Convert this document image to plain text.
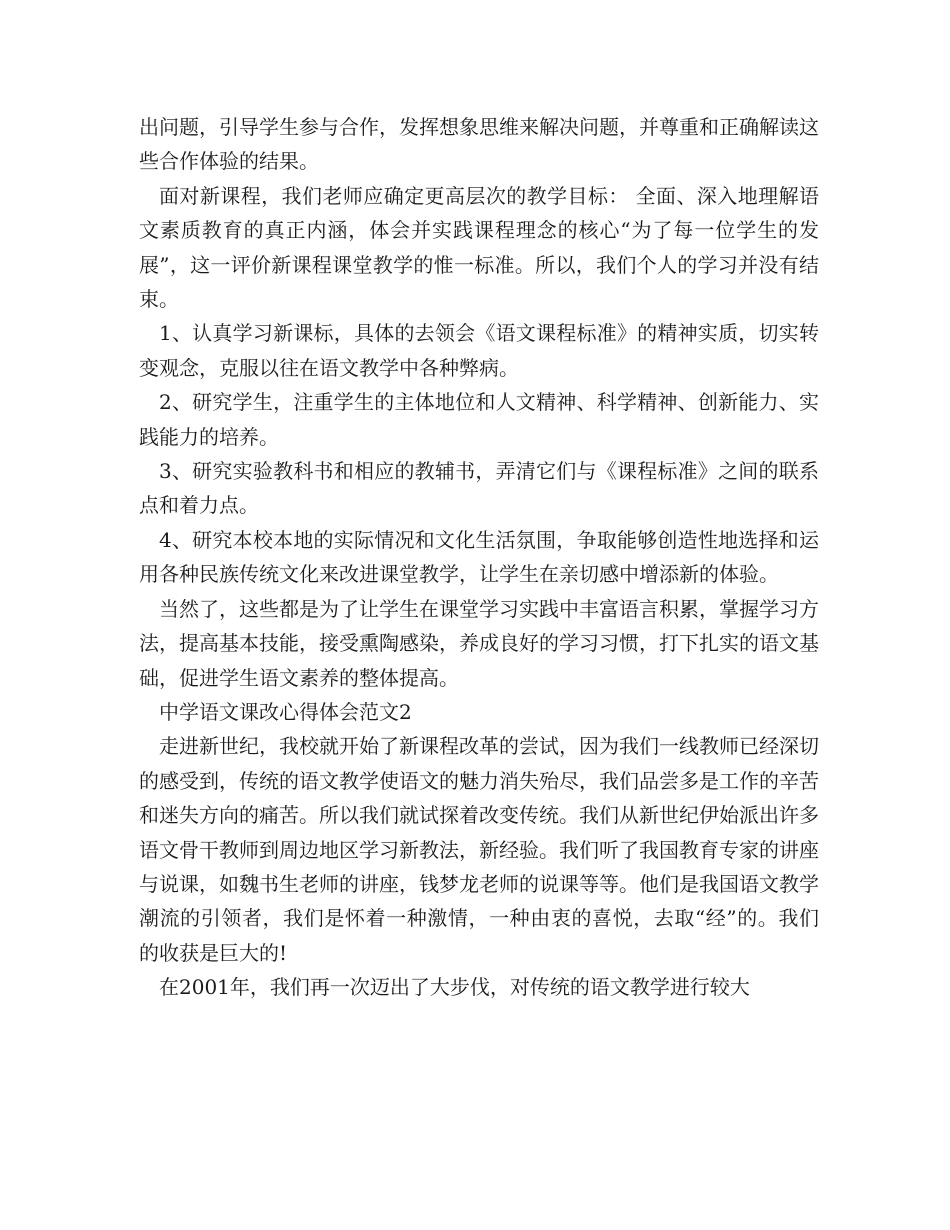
出问题，引导学生参与合作，发挥想象思维来解决问题，并尊重和正确解读这些合作体验的结果。

面对新课程，我们老师应确定更高层次的教学目标： 全面、深入地理解语文素质教育的真正内涵，体会并实践课程理念的核心“为了每一位学生的发展”，这一评价新课程课堂教学的惟一标准。所以，我们个人的学习并没有结束。

1、认真学习新课标，具体的去领会《语文课程标准》的精神实质，切实转变观念，克服以往在语文教学中各种弊病。

2、研究学生，注重学生的主体地位和人文精神、科学精神、创新能力、实践能力的培养。

3、研究实验教科书和相应的教辅书，弄清它们与《课程标准》之间的联系点和着力点。

4、研究本校本地的实际情况和文化生活氛围，争取能够创造性地选择和运用各种民族传统文化来改进课堂教学，让学生在亲切感中增添新的体验。

当然了，这些都是为了让学生在课堂学习实践中丰富语言积累，掌握学习方法，提高基本技能，接受熏陶感染，养成良好的学习习惯，打下扎实的语文基础，促进学生语文素养的整体提高。

中学语文课改心得体会范文2

走进新世纪，我校就开始了新课程改革的尝试，因为我们一线教师已经深切的感受到，传统的语文教学使语文的魅力消失殆尽，我们品尝多是工作的辛苦和迷失方向的痛苦。所以我们就试探着改变传统。我们从新世纪伊始派出许多语文骨干教师到周边地区学习新教法，新经验。我们听了我国教育专家的讲座与说课，如魏书生老师的讲座，钱梦龙老师的说课等等。他们是我国语文教学潮流的引领者，我们是怀着一种激情，一种由衷的喜悦，去取“经”的。我们的收获是巨大的!

在2001年，我们再一次迈出了大步伐，对传统的语文教学进行较大
